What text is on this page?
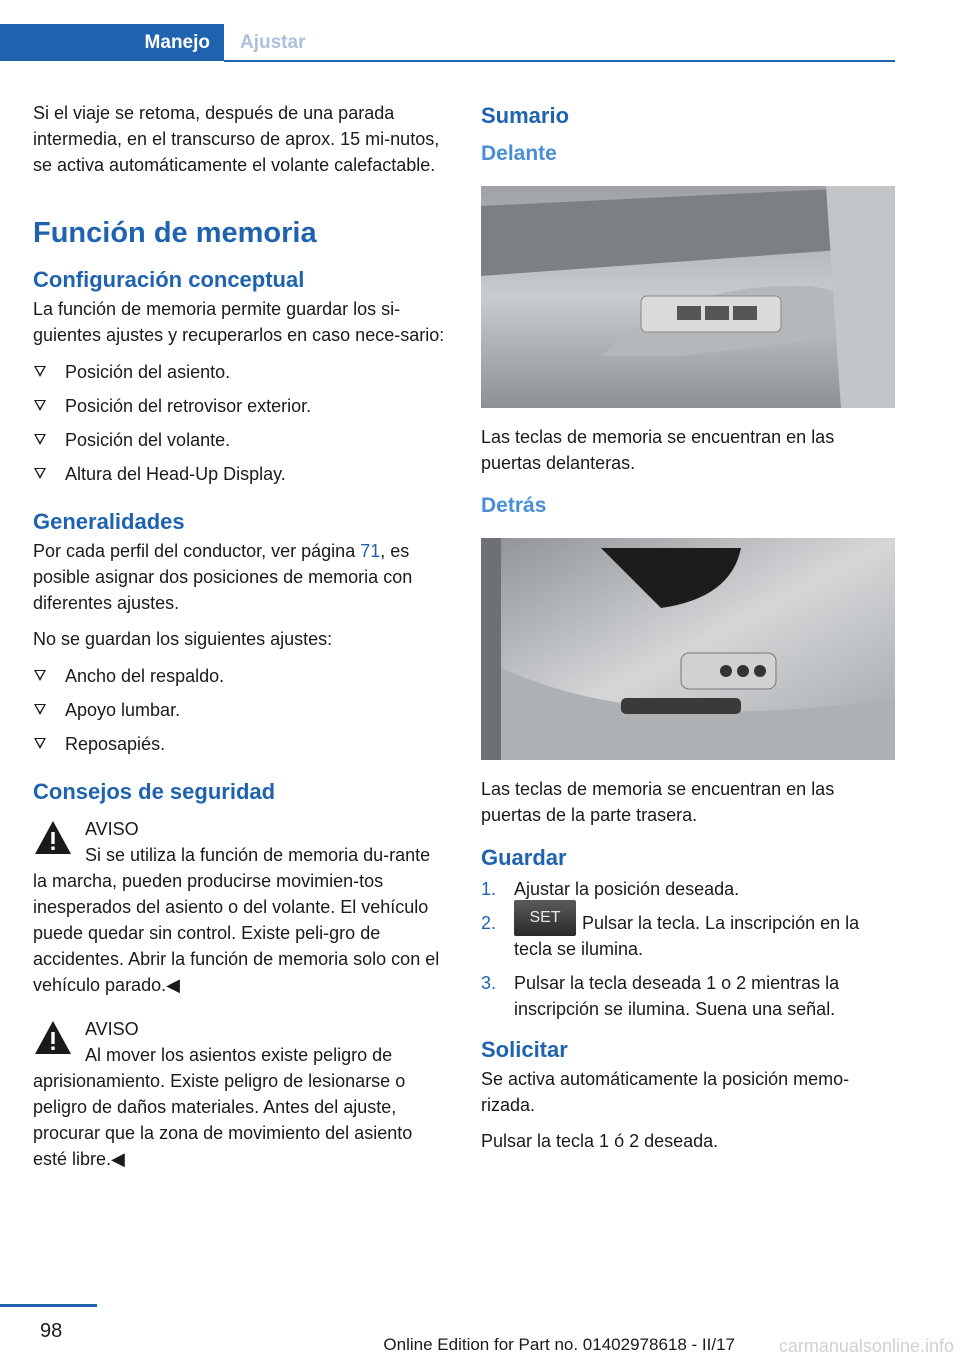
Manejo	Ajustar

Si el viaje se retoma, después de una parada intermedia, en el transcurso de aprox. 15 mi-nutos, se activa automáticamente el volante calefactable.

Función de memoria
Configuración conceptual

La función de memoria permite guardar los si-guientes ajustes y recuperarlos en caso nece-sario:

Posición del asiento.
Posición del retrovisor exterior.
Posición del volante.
Altura del Head-Up Display.
Generalidades

Por cada perfil del conductor, ver página 71, es posible asignar dos posiciones de memoria con diferentes ajustes.

No se guardan los siguientes ajustes:

Ancho del respaldo.
Apoyo lumbar.
Reposapiés.
Consejos de seguridad

AVISO

Si se utiliza la función de memoria du-rante la marcha, pueden producirse movimien-tos inesperados del asiento o del volante. El vehículo puede quedar sin control. Existe peli-gro de accidentes. Abrir la función de memoria solo con el vehículo parado.◀

AVISO

Al mover los asientos existe peligro de aprisionamiento. Existe peligro de lesionarse o peligro de daños materiales. Antes del ajuste, procurar que la zona de movimiento del asiento esté libre.◀

Sumario
Delante

Las teclas de memoria se encuentran en las puertas delanteras.

Detrás

Las teclas de memoria se encuentran en las puertas de la parte trasera.

Guardar
1. Ajustar la posición deseada.
2. SET Pulsar la tecla. La inscripción en la tecla se ilumina.
3. Pulsar la tecla deseada 1 o 2 mientras la inscripción se ilumina. Suena una señal.
Solicitar

Se activa automáticamente la posición memo-rizada.

Pulsar la tecla 1 ó 2 deseada.

98
Online Edition for Part no. 01402978618 - II/17 carmanualsonline.info
